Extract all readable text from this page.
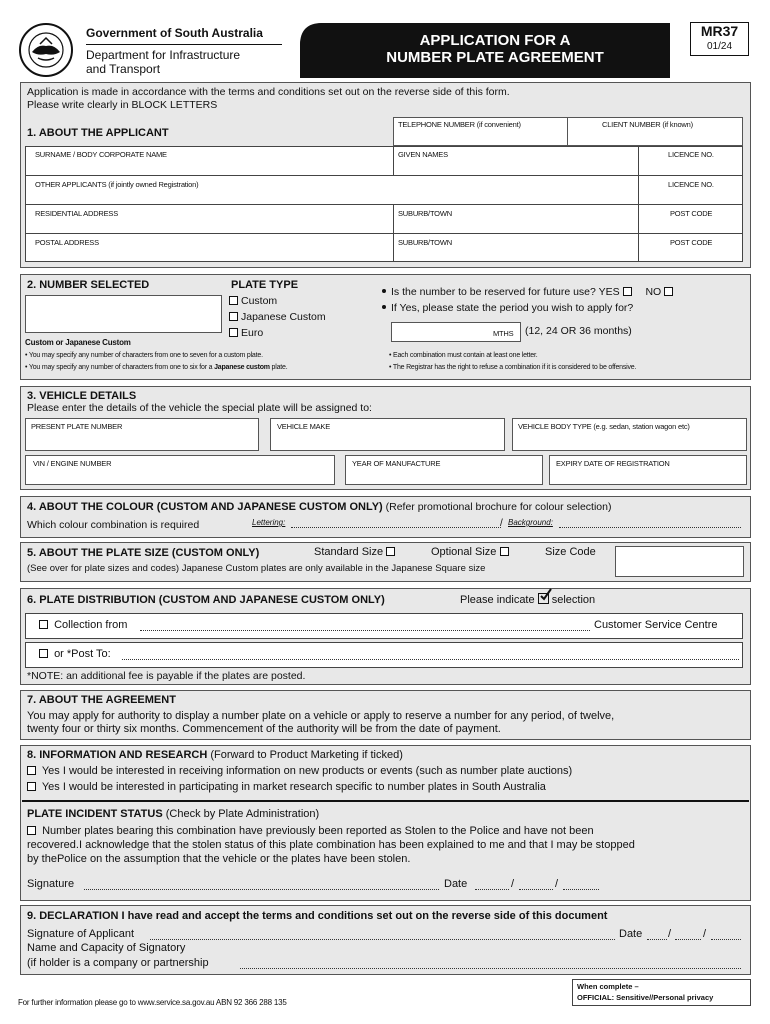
Government of South Australia
Department for Infrastructure
and Transport
APPLICATION FOR A
NUMBER PLATE AGREEMENT
MR37
01/24
Application is made in accordance with the terms and conditions set out on the reverse side of this form.
Please write clearly in BLOCK LETTERS
1. ABOUT THE APPLICANT
TELEPHONE NUMBER (if convenient)	CLIENT NUMBER (if known)
SURNAME / BODY CORPORATE NAME	GIVEN NAMES	LICENCE NO.
OTHER APPLICANTS (if jointly owned Registration)	LICENCE NO.
RESIDENTIAL ADDRESS	SUBURB/TOWN	POST CODE
POSTAL ADDRESS	SUBURB/TOWN	POST CODE
2. NUMBER SELECTED	PLATE TYPE
Custom
Japanese Custom
Euro
Is the number to be reserved for future use? YES NO
If Yes, please state the period you wish to apply for?
MTHS (12, 24 OR 36 months)
Custom or Japanese Custom
• You may specify any number of characters from one to seven for a custom plate.
• You may specify any number of characters from one to six for a Japanese custom plate.
• Each combination must contain at least one letter.
• The Registrar has the right to refuse a combination if it is considered to be offensive.
3. VEHICLE DETAILS
Please enter the details of the vehicle the special plate will be assigned to:
PRESENT PLATE NUMBER	VEHICLE MAKE	VEHICLE BODY TYPE (e.g. sedan, station wagon etc)
VIN / ENGINE NUMBER	YEAR OF MANUFACTURE	EXPIRY DATE OF REGISTRATION
4. ABOUT THE COLOUR (CUSTOM AND JAPANESE CUSTOM ONLY) (Refer promotional brochure for colour selection)
Which colour combination is required	Lettering:	/ Background:
5. ABOUT THE PLATE SIZE (CUSTOM ONLY)	Standard Size	Optional Size	Size Code
(See over for plate sizes and codes) Japanese Custom plates are only available in the Japanese Square size
6. PLATE DISTRIBUTION (CUSTOM AND JAPANESE CUSTOM ONLY)	Please indicate selection
Collection from	Customer Service Centre
or *Post To:
*NOTE: an additional fee is payable if the plates are posted.
7. ABOUT THE AGREEMENT
You may apply for authority to display a number plate on a vehicle or apply to reserve a number for any period, of twelve,
twenty four or thirty six months. Commencement of the authority will be from the date of payment.
8. INFORMATION AND RESEARCH (Forward to Product Marketing if ticked)
Yes I would be interested in receiving information on new products or events (such as number plate auctions)
Yes I would be interested in participating in market research specific to number plates in South Australia
PLATE INCIDENT STATUS (Check by Plate Administration)
Number plates bearing this combination have previously been reported as Stolen to the Police and have not been
recovered.I acknowledge that the stolen status of this plate combination has been explained to me and that I may be stopped
by thePolice on the assumption that the vehicle or the plates have been stolen.
Signature	Date	/	/
9. DECLARATION I have read and accept the terms and conditions set out on the reverse side of this document
Signature of Applicant	Date /	/
Name and Capacity of Signatory
(if holder is a company or partnership
For further information please go to www.service.sa.gov.au ABN 92 366 288 135
When complete –
OFFICIAL: Sensitive//Personal privacy
